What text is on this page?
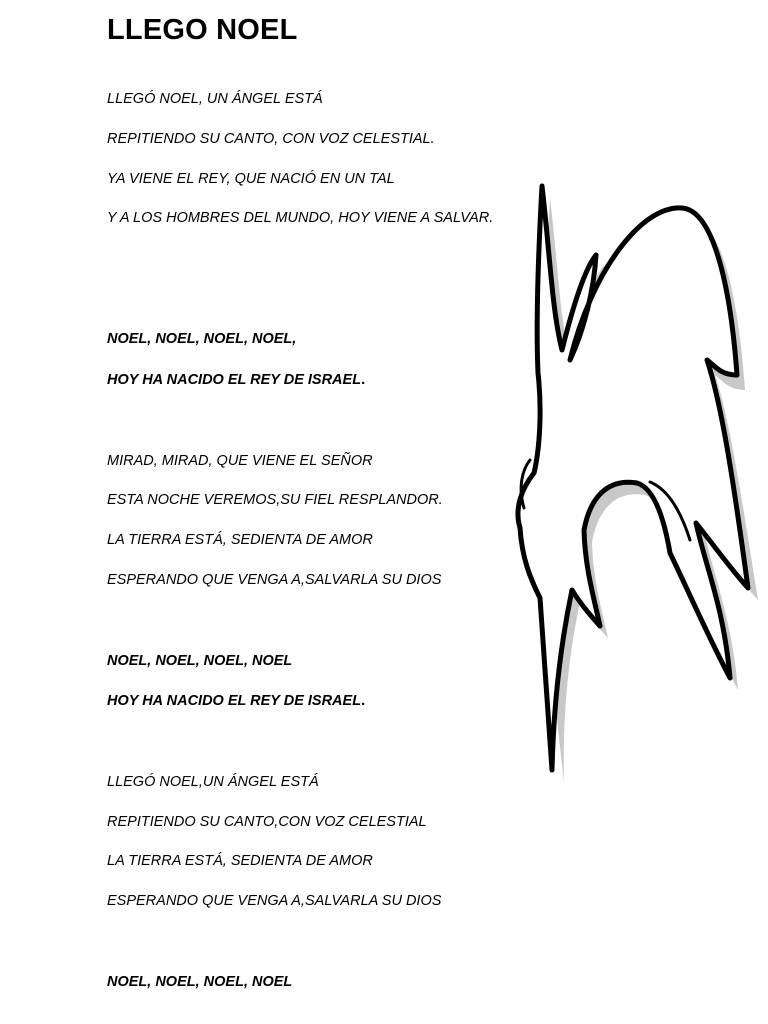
LLEGO NOEL

LLEGÓ NOEL, UN ÁNGEL ESTÁ

REPITIENDO SU CANTO, CON VOZ CELESTIAL.

YA VIENE EL REY, QUE NACIÓ EN UN TAL

Y A LOS HOMBRES DEL MUNDO, HOY VIENE A SALVAR.

NOEL, NOEL, NOEL, NOEL,

HOY HA NACIDO EL REY DE ISRAEL.

MIRAD, MIRAD, QUE VIENE EL SEÑOR

ESTA NOCHE VEREMOS,SU FIEL RESPLANDOR.

LA TIERRA ESTÁ, SEDIENTA DE AMOR

ESPERANDO QUE VENGA A,SALVARLA SU DIOS

NOEL, NOEL, NOEL, NOEL

HOY HA NACIDO EL REY DE ISRAEL.

LLEGÓ NOEL,UN ÁNGEL ESTÁ

REPITIENDO SU CANTO,CON VOZ CELESTIAL

LA TIERRA ESTÁ, SEDIENTA DE AMOR

ESPERANDO QUE VENGA A,SALVARLA SU DIOS

NOEL, NOEL, NOEL, NOEL
